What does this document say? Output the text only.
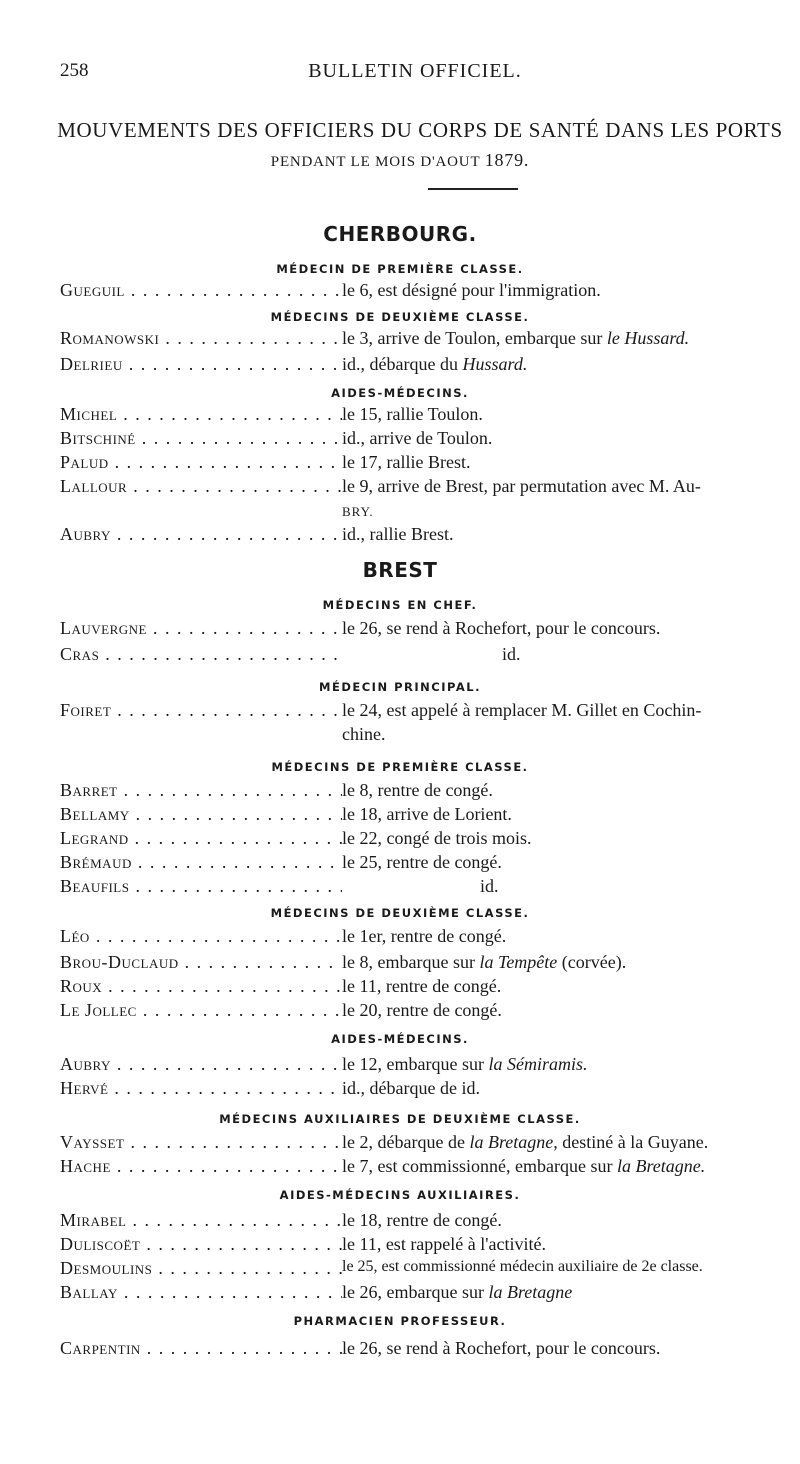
258	BULLETIN OFFICIEL.
MOUVEMENTS DES OFFICIERS DU CORPS DE SANTÉ DANS LES PORTS
PENDANT LE MOIS D'AOUT 1879.
CHERBOURG.
MÉDECIN DE PREMIÈRE CLASSE.
Gueguil . . .	le 6, est désigné pour l'immigration.
MÉDECINS DE DEUXIÈME CLASSE.
Romanowski . . .	le 3, arrive de Toulon, embarque sur le Hussard.
Delrieu . . .	id., débarque du Hussard.
AIDES-MÉDECINS.
Michel . . .	le 15, rallie Toulon.
Bitschiné . . .	id., arrive de Toulon.
Palud . . .	le 17, rallie Brest.
Lallour . . .	le 9, arrive de Brest, par permutation avec M. Au-
BRY.
Aubry . . .	id., rallie Brest.
BREST
MÉDECINS EN CHEF.
Lauvergne . . .	le 26, se rend à Rochefort, pour le concours.
Cras . . .	id.
MÉDECIN PRINCIPAL.
Foiret . . .	le 24, est appelé à remplacer M. Gillet en Cochin-
chine.
MÉDECINS DE PREMIÈRE CLASSE.
Barret . . .	le 8, rentre de congé.
Bellamy . . .	le 18, arrive de Lorient.
Legrand . . .	le 22, congé de trois mois.
Brémaud . . .	le 25, rentre de congé.
Beaufils . . .	id.
MÉDECINS DE DEUXIÈME CLASSE.
Léo . . .	le 1er, rentre de congé.
Brou-Duclaud . . .	le 8, embarque sur la Tempête (corvée).
Roux . . .	le 11, rentre de congé.
Le Jollec . . .	le 20, rentre de congé.
AIDES-MÉDECINS.
Aubry . . .	le 12, embarque sur la Sémiramis.
Hervé . . .	id., débarque de id.
MÉDECINS AUXILIAIRES DE DEUXIÈME CLASSE.
Vaysset . . .	le 2, débarque de la Bretagne, destiné à la Guyane.
Hache . . .	le 7, est commissionné, embarque sur la Bretagne.
AIDES-MÉDECINS AUXILIAIRES.
Mirabel . . .	le 18, rentre de congé.
Duliscoët . . .	le 11, est rappelé à l'activité.
Desmoulins . . .	le 25, est commissionné médecin auxiliaire de 2e classe.
Ballay . . .	le 26, embarque sur la Bretagne
PHARMACIEN PROFESSEUR.
Carpentin . . .	le 26, se rend à Rochefort, pour le concours.
